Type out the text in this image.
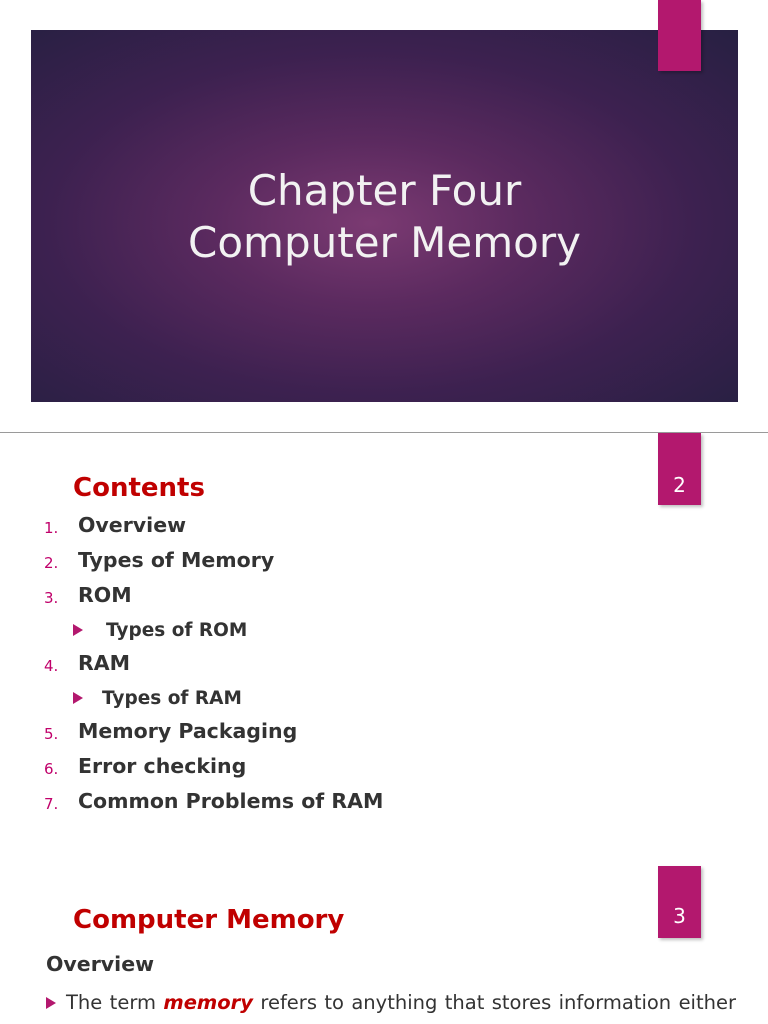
Chapter Four
Computer Memory
2
Contents
1. Overview
2. Types of Memory
3. ROM
Types of ROM
4. RAM
Types of RAM
5. Memory Packaging
6. Error checking
7. Common Problems of RAM
3
Computer Memory
Overview
The term memory refers to anything that stores information either
